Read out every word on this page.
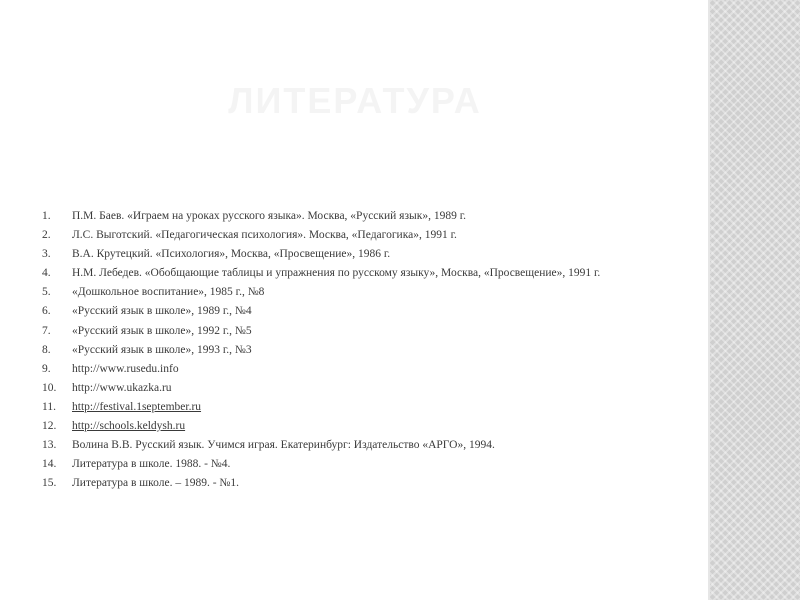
ЛИТЕРАТУРА
1.	П.М. Баев. «Играем на уроках русского языка». Москва, «Русский язык», 1989 г.
2.	Л.С. Выготский. «Педагогическая психология». Москва, «Педагогика», 1991 г.
3.	В.А. Крутецкий. «Психология», Москва, «Просвещение», 1986 г.
4.	Н.М. Лебедев. «Обобщающие таблицы и упражнения по русскому языку», Москва, «Просвещение», 1991 г.
5.	«Дошкольное воспитание», 1985 г., №8
6.	«Русский язык в школе», 1989 г., №4
7.	«Русский язык в школе», 1992 г., №5
8.	«Русский язык в школе», 1993 г., №3
9.	http://www.rusedu.info
10.	http://www.ukazka.ru
11.	http://festival.1september.ru
12.	http://schools.keldysh.ru
13.	Волина В.В. Русский язык. Учимся играя. Екатеринбург: Издательство «АРГО», 1994.
14.	Литература в школе. 1988. - №4.
15.	Литература в школе. – 1989. - №1.
